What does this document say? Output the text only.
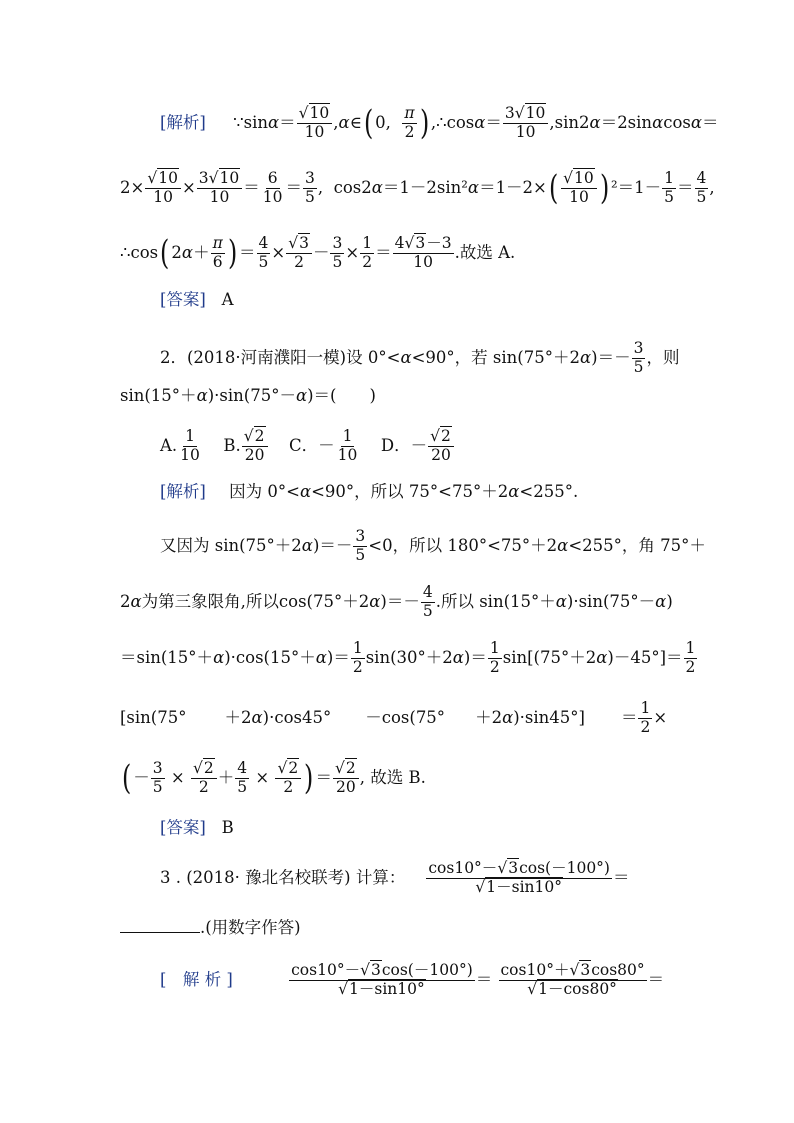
[解析] ∵sinα＝ $\frac{√10}{10}$ ,α∈( 0, $\frac{\pi}{2}$ ) ,∴cosα＝ $\frac{3√10}{10} ,\sin 2\alpha=2\sin\alpha\cos\alpha=$
$2\times \frac{√10}{10} \times \frac{3√10}{10} = \frac{6}{10} = \frac{3}{5}$ ,  $\cos 2\alpha=1-2\sin^2\alpha=1-2\times( \frac{√10}{10}$ ) $^2=1- \frac{1}{5} = \frac{4}{5}$ ,
∴cos( $2\alpha+ \frac{\pi}{6}$ ) ＝ $\frac{4}{5} \times \frac{√3}{2} - \frac{3}{5} \times \frac{1}{2} = \frac{4√3-3}{10}$ .故选 A.
[答案] A
2．(2018·河南濮阳一模)设 0°<α<90°，若 $\sin(75^\circ+2\alpha)=- \frac{3}{5}$ ，则
sin(15°＋α)·sin(75°－α)＝(　　)
A. $\frac{1}{10} B$. $\frac{√2}{20}$ C．－ $\frac{1}{10}$ D．－ $\frac{√2}{20}$
[解析] 因为 0°<α<90°，所以 75°<75°＋2α<255°.
又因为 $\sin(75^\circ+2\alpha)=- \frac{3}{5} <0$，所以 180°<75°＋2α<255°，角 75°＋
2α为第三象限角,所以$\cos(75^\circ+2\alpha)=- \frac{4}{5}$ .所以 sin(15°＋α)·sin(75°－α)
$=\sin(15^\circ+\alpha)\cdot\cos(15^\circ+\alpha)= \frac{1}{2} \sin(30^\circ+2\alpha)= \frac{1}{2} \sin[(75^\circ+2\alpha)-45^\circ]= \frac{1}{2}$
$[\sin(75^\circ +2\alpha)\cdot\cos 45^\circ -\cos(75^\circ +2\alpha)\cdot\sin 45^\circ] = \frac{1}{2}$ ×
( － $\frac{3}{5} \times \frac{√2}{2} + \frac{4}{5} \times \frac{√2}{2}$ ) ＝ $\frac{√2}{20}$ , 故选 B.
[答案] B
3 . (2018· 豫北名校联考) 计算： $\frac{\cos 10^\circ-√3\cos(-100^\circ)}{√1-\sin 10^\circ}$ ＝
.(用数字作答)
[　解 析 ]	$\frac{\cos 10^\circ-√3\cos(-100^\circ)}{√1-\sin 10^\circ} = \frac{\cos 10^\circ+√3\cos 80^\circ}{√1-\cos 80^\circ}$ ＝
